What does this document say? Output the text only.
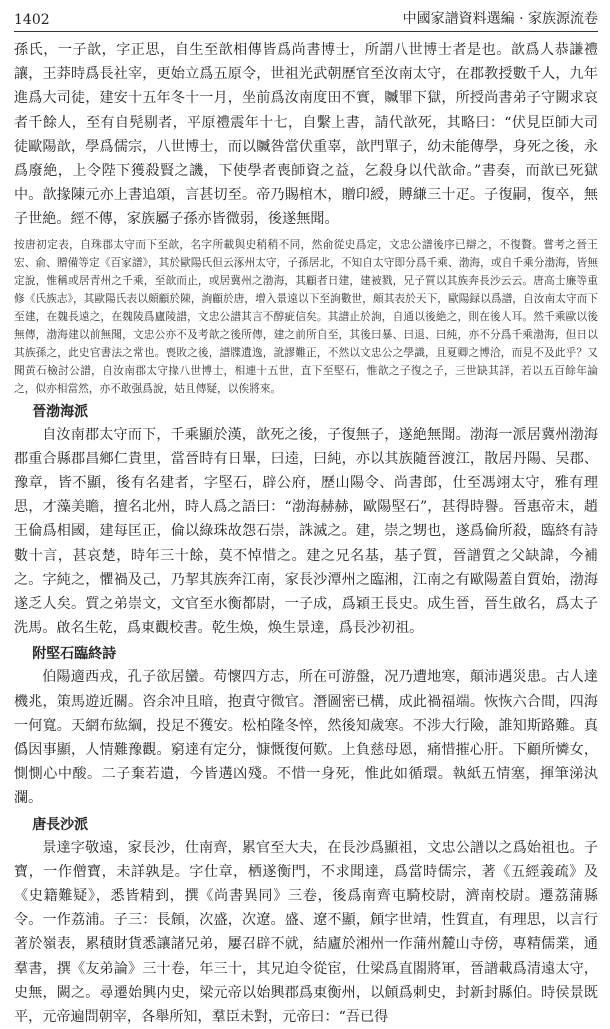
1402	中國家譜資料選編 · 家族源流卷

孫氏，一子歆，字正思，自生至歆相傳皆爲尚書博士，所謂八世博士者是也。歆爲人恭謙禮讓，王莽時爲長社宰，更始立爲五原令，世祖光武朝歷官至汝南太守，在郡教授數千人，九年進爲大司徒，建安十五年冬十一月，坐前爲汝南度田不實，贓罪下獄，所授尚書弟子守闕求哀者千餘人，至有自髡剔者，平原禮震年十七，自繫上書，請代歆死，其略曰：“伏見臣師大司徒歐陽歆，學爲儒宗，八世博士，而以贓咎當伏重辜，歆門單子，幼未能傳學，身死之後，永爲廢絶，上令陛下獲殺賢之譏，下使學者喪師資之益，乞殺身以代歆命。”書奏，而歆已死獄中。歆掾陳元亦上書追頌，言甚切至。帝乃賜棺木，贈印綬，賻縑三十疋。子復嗣，復卒，無子世絶。經不傳，家族屬子孫亦皆微弱，後遂無聞。

按唐初定表，自珠郡太守而下至歆，名字所載與史稍稍不同，然俞從史爲定，文忠公譜後序已辯之，不復贅。嘗考之晉王宏、俞、贈備等定《百家譜》，其於歐陽氏但云涿州太守，子孫居北，不知自太守即分爲千乘、渤海，或自千乘分渤海，皆無定說，惟稱或居青州之千乘，至歆而止，或居冀州之渤海，其顧者日建，建被戮，兄子質以其族奔長沙云云。唐高士廉等重修《氏族志》，其歐陽氏表以頗顧於陳，詢顧於唐，增入景遠以下至詢數世，頗其表於天下，歐陽録以爲譜，自汝南太守而下至建，在魏長遠之，在魏陵爲廬陵譜，文忠公譜其言不醇疵信矣。其譜止於詢，自通以後絶之，則在後人耳。然千乘歐以後無傳，渤海建以前無聞，文忠公亦不及考歆之後所傳，建之前所自至，其後曰暴、曰退、曰純，亦不分爲千乘渤海，但日以其族孫之，此史官書法之常也。喪敗之後，譜牒遺逸，訛謬難正，不然以文忠公之學識，且夏卿之博洽，而見不及此乎？又聞黄石檢討公譜，自汝南郡太守掾八世博士，相連十五世，直下至堅石，惟歆之子復之子，三世缺其詳，若以五百餘年論之，似亦相當然，亦不敢强爲說，姑且傳疑，以俟將來。

晉渤海派

自汝南郡太守而下，千乘顯於漢，歆死之後，子復無子，遂絶無聞。渤海一派居冀州渤海郡重合縣郡昌鄉仁貴里，當晉時有日畢，曰逵，曰純，亦以其族隨晉渡江，散居丹陽、吴郡、豫章，皆不顯，後有名建者，字堅石，辟公府，歷山陽令、尚書郎，仕至馮翊太守，雅有理思，才藻美贍，擅名北州，時人爲之語曰：“渤海赫赫，歐陽堅石”，甚得時譽。晉惠帝末，趙王倫爲相國，建每匡正，倫以綠珠故怨石崇，誅滅之。建，崇之甥也，遂爲倫所殺，臨終有詩數十言，甚哀楚，時年三十餘，莫不悼惜之。建之兄名基，基子質，晉譜質之父缺諱，今補之。字純之，懼禍及己，乃挈其族奔江南，家長沙潭州之臨湘，江南之有歐陽蓋自質始，渤海遂乏人矣。質之弟崇文，文官至水衡都尉，一子成，爲穎王長史。成生晉，晉生啟名，爲太子洗馬。啟名生乾，爲東觀校書。乾生焕，焕生景達，爲長沙初祖。

附堅石臨終詩

伯陽適西戎，孔子欲居蠻。苟懷四方志，所在可游盤，况乃遭地寒，顛沛遇災患。古人達機兆，策馬遊近關。咨余冲且暗，抱責守微官。潛圖密已構，成此禍福端。恢恢六合間，四海一何寬。天網布紘綱，投足不獲安。松柏隆冬悴，然後知歲寒。不涉大行險，誰知斯路難。真僞因事顯，人情難豫觀。窮達有定分，慷慨復何歎。上負慈母恩，痛惜摧心肝。下顧所憐女，惻惻心中酸。二子棄若遺，今皆遘凶殘。不惜一身死，惟此如循環。執紙五情塞，揮筆涕汍瀾。

唐長沙派

景達字敬遠，家長沙，仕南齊，累官至大夫，在長沙爲顯祖，文忠公譜以之爲始祖也。子寶，一作僧寶，未詳孰是。字仕章，栖遂衡門，不求聞達，爲當時儒宗，著《五經義疏》及《史籍難疑》，悉皆精到，撰《尚書異同》三卷，後爲南齊屯騎校尉，濟南校尉。遷荔蒲縣令。一作荔浦。子三：長頠，次盛，次遼。盛、遼不顯，頠字世靖，性質直，有理思，以言行著於嶺表，累積財貨悉讓諸兄弟，屢召辟不就，結廬於湘州一作蒲州麓山寺傍，專精儒業，通羣書，撰《友弟論》三十卷，年三十，其兄迫令從宦，仕梁爲直閤將軍，晉譜載爲清遠太守，史無，闕之。尋遷始興内史，梁元帝以始興郡爲東衡州，以頠爲刺史，封新封縣伯。時侯景既平，元帝遍問朝宰，各舉所知，羣臣未對，元帝曰：“吾已得
